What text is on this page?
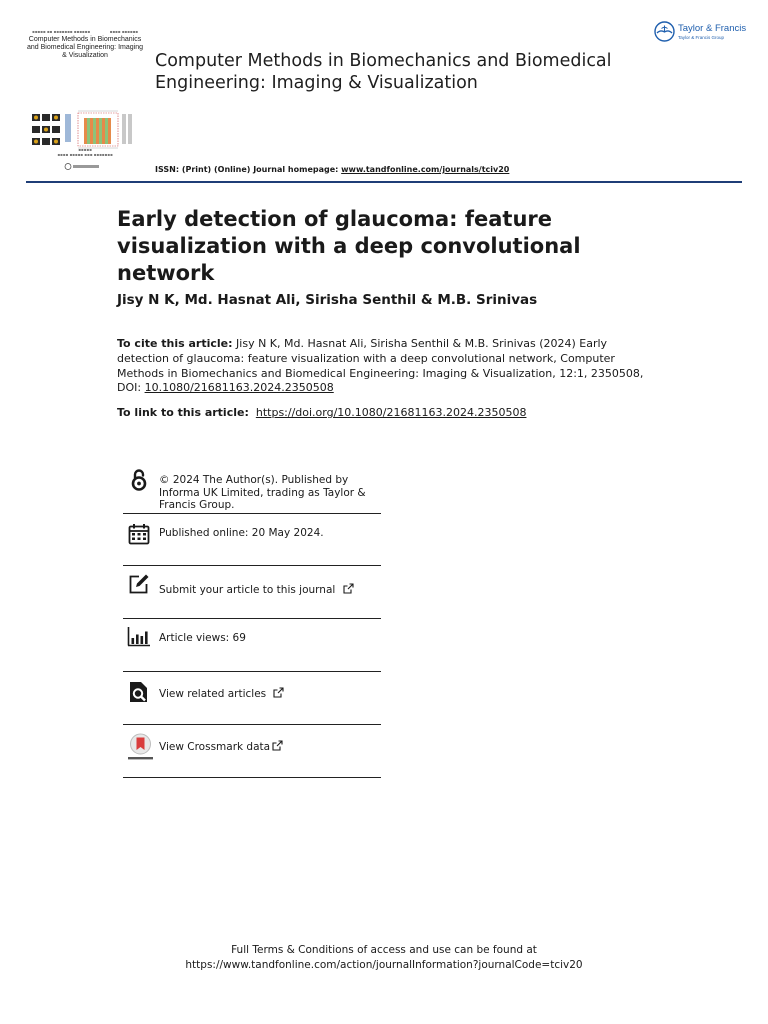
▪▪▪▪▪ ▪▪ ▪▪▪▪▪▪▪ ▪▪▪▪▪▪	▪▪▪▪ ▪▪▪▪▪▪
Computer Methods in Biomechanics and Biomedical Engineering: Imaging & Visualization
▪▪▪▪▪
▪▪▪▪ ▪▪▪▪▪ ▪▪▪ ▪▪▪▪▪▪▪
Computer Methods in Biomechanics and Biomedical Engineering: Imaging & Visualization
Taylor & Francis
Taylor & Francis Group
ISSN: (Print) (Online) Journal homepage: www.tandfonline.com/journals/tciv20
Early detection of glaucoma: feature visualization with a deep convolutional network
Jisy N K, Md. Hasnat Ali, Sirisha Senthil & M.B. Srinivas
To cite this article: Jisy N K, Md. Hasnat Ali, Sirisha Senthil & M.B. Srinivas (2024) Early detection of glaucoma: feature visualization with a deep convolutional network, Computer Methods in Biomechanics and Biomedical Engineering: Imaging & Visualization, 12:1, 2350508, DOI: 10.1080/21681163.2024.2350508
To link to this article: https://doi.org/10.1080/21681163.2024.2350508
© 2024 The Author(s). Published by Informa UK Limited, trading as Taylor & Francis Group.
Published online: 20 May 2024.
Submit your article to this journal
Article views: 69
View related articles
View Crossmark data
Full Terms & Conditions of access and use can be found at
https://www.tandfonline.com/action/journalInformation?journalCode=tciv20
